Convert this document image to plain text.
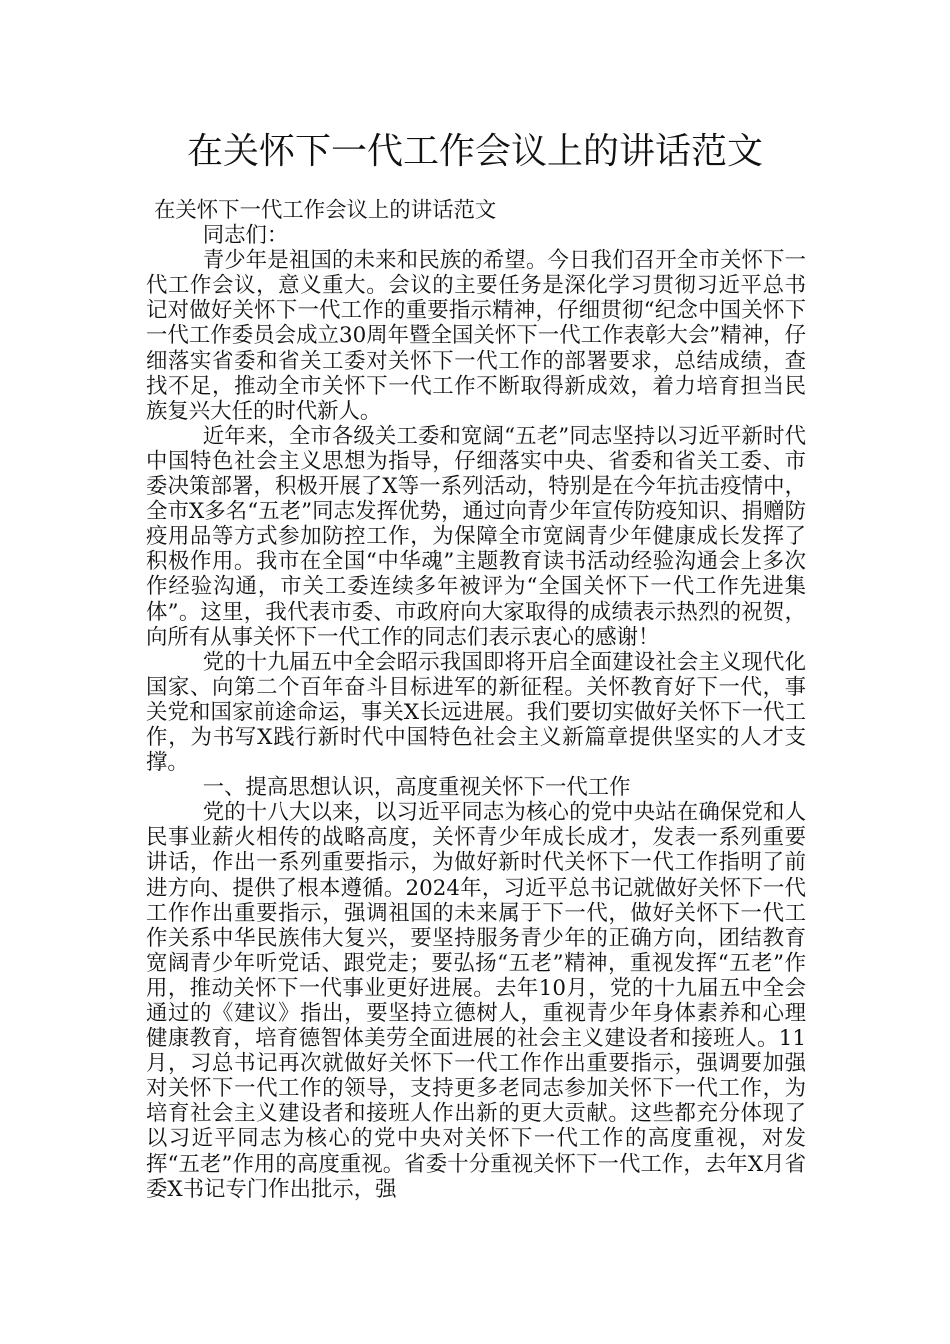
在关怀下一代工作会议上的讲话范文

在关怀下一代工作会议上的讲话范文

同志们：

青少年是祖国的未来和民族的希望。今日我们召开全市关怀下一代工作会议，意义重大。会议的主要任务是深化学习贯彻习近平总书记对做好关怀下一代工作的重要指示精神，仔细贯彻“纪念中国关怀下一代工作委员会成立30周年暨全国关怀下一代工作表彰大会”精神，仔细落实省委和省关工委对关怀下一代工作的部署要求，总结成绩，查找不足，推动全市关怀下一代工作不断取得新成效，着力培育担当民族复兴大任的时代新人。

近年来，全市各级关工委和宽阔“五老”同志坚持以习近平新时代中国特色社会主义思想为指导，仔细落实中央、省委和省关工委、市委决策部署，积极开展了X等一系列活动，特别是在今年抗击疫情中，全市X多名“五老”同志发挥优势，通过向青少年宣传防疫知识、捐赠防疫用品等方式参加防控工作，为保障全市宽阔青少年健康成长发挥了积极作用。我市在全国“中华魂”主题教育读书活动经验沟通会上多次作经验沟通，市关工委连续多年被评为“全国关怀下一代工作先进集体”。这里，我代表市委、市政府向大家取得的成绩表示热烈的祝贺，向所有从事关怀下一代工作的同志们表示衷心的感谢！

党的十九届五中全会昭示我国即将开启全面建设社会主义现代化国家、向第二个百年奋斗目标进军的新征程。关怀教育好下一代，事关党和国家前途命运，事关X长远进展。我们要切实做好关怀下一代工作，为书写X践行新时代中国特色社会主义新篇章提供坚实的人才支撑。

一、提高思想认识，高度重视关怀下一代工作

党的十八大以来，以习近平同志为核心的党中央站在确保党和人民事业薪火相传的战略高度，关怀青少年成长成才，发表一系列重要讲话，作出一系列重要指示，为做好新时代关怀下一代工作指明了前进方向、提供了根本遵循。2024年，习近平总书记就做好关怀下一代工作作出重要指示，强调祖国的未来属于下一代，做好关怀下一代工作关系中华民族伟大复兴，要坚持服务青少年的正确方向，团结教育宽阔青少年听党话、跟党走；要弘扬“五老”精神，重视发挥“五老”作用，推动关怀下一代事业更好进展。去年10月，党的十九届五中全会通过的《建议》指出，要坚持立德树人，重视青少年身体素养和心理健康教育，培育德智体美劳全面进展的社会主义建设者和接班人。11月，习总书记再次就做好关怀下一代工作作出重要指示，强调要加强对关怀下一代工作的领导，支持更多老同志参加关怀下一代工作，为培育社会主义建设者和接班人作出新的更大贡献。这些都充分体现了以习近平同志为核心的党中央对关怀下一代工作的高度重视，对发挥“五老”作用的高度重视。省委十分重视关怀下一代工作，去年X月省委X书记专门作出批示，强
